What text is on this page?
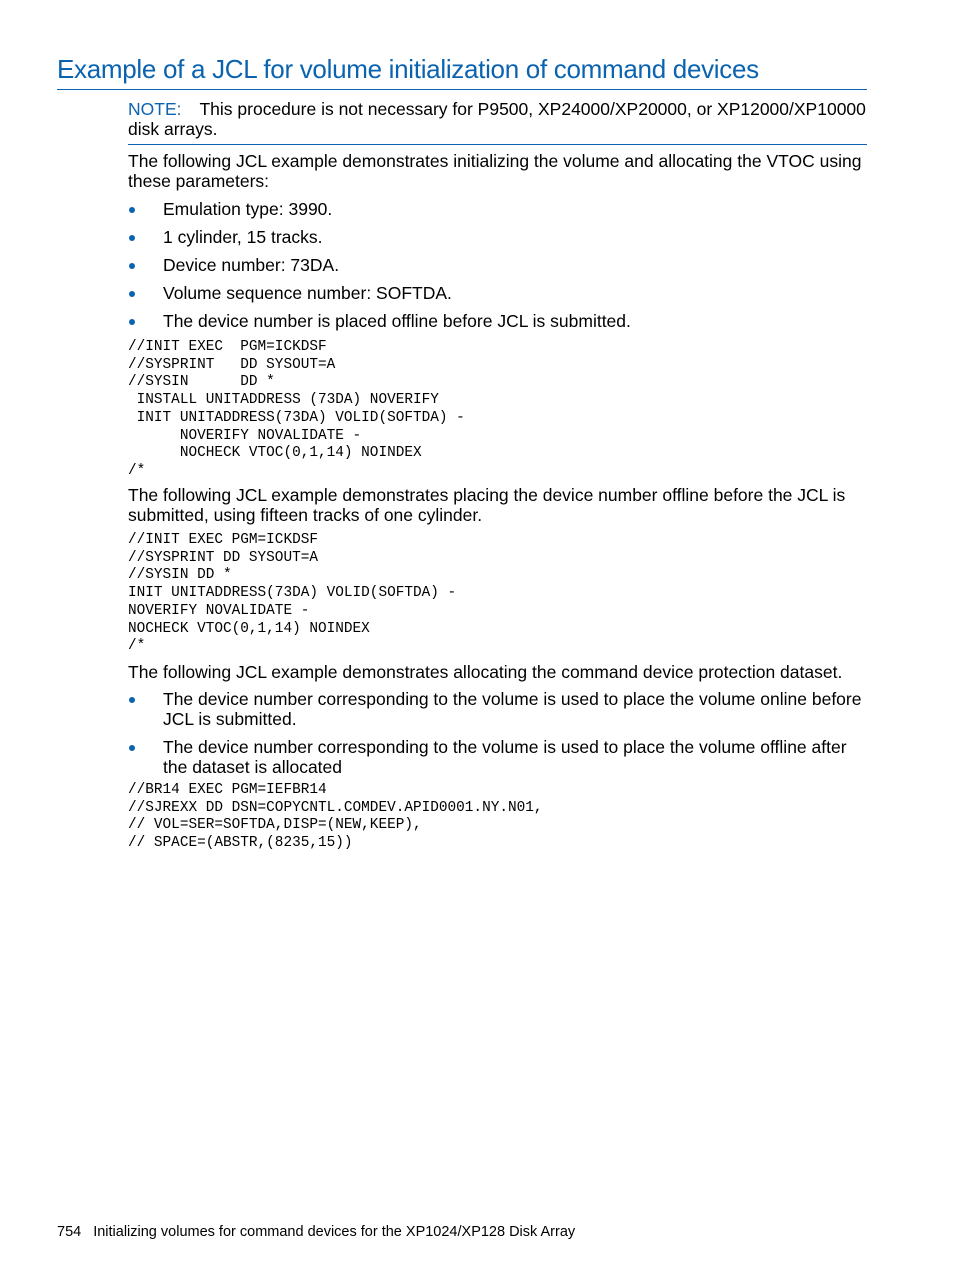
Example of a JCL for volume initialization of command devices
NOTE: This procedure is not necessary for P9500, XP24000/XP20000, or XP12000/XP10000 disk arrays.

The following JCL example demonstrates initializing the volume and allocating the VTOC using these parameters:

Emulation type: 3990.
1 cylinder, 15 tracks.
Device number: 73DA.
Volume sequence number: SOFTDA.
The device number is placed offline before JCL is submitted.
//INIT EXEC  PGM=ICKDSF
//SYSPRINT   DD SYSOUT=A
//SYSIN      DD *
INSTALL UNITADDRESS (73DA) NOVERIFY
INIT UNITADDRESS(73DA) VOLID(SOFTDA) -
NOVERIFY NOVALIDATE -
NOCHECK VTOC(0,1,14) NOINDEX
/*

The following JCL example demonstrates placing the device number offline before the JCL is submitted, using fifteen tracks of one cylinder.

//INIT EXEC PGM=ICKDSF
//SYSPRINT DD SYSOUT=A
//SYSIN DD *
INIT UNITADDRESS(73DA) VOLID(SOFTDA) -
NOVERIFY NOVALIDATE -
NOCHECK VTOC(0,1,14) NOINDEX
/*

The following JCL example demonstrates allocating the command device protection dataset.

The device number corresponding to the volume is used to place the volume online before JCL is submitted.
The device number corresponding to the volume is used to place the volume offline after the dataset is allocated
//BR14 EXEC PGM=IEFBR14
//SJREXX DD DSN=COPYCNTL.COMDEV.APID0001.NY.N01,
// VOL=SER=SOFTDA,DISP=(NEW,KEEP),
// SPACE=(ABSTR,(8235,15))
754 Initializing volumes for command devices for the XP1024/XP128 Disk Array
